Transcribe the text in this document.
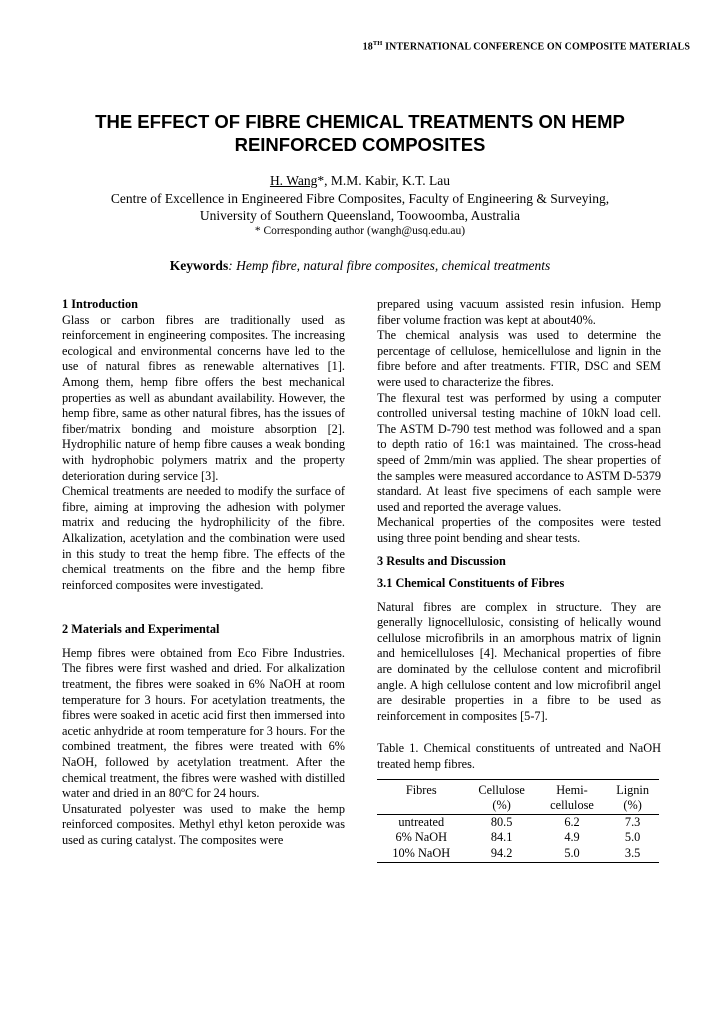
18TH INTERNATIONAL CONFERENCE ON COMPOSITE MATERIALS
THE EFFECT OF FIBRE CHEMICAL TREATMENTS ON HEMP
REINFORCED COMPOSITES
H. Wang*, M.M. Kabir, K.T. Lau
Centre of Excellence in Engineered Fibre Composites, Faculty of Engineering & Surveying,
University of Southern Queensland, Toowoomba, Australia
* Corresponding author (wangh@usq.edu.au)
Keywords: Hemp fibre, natural fibre composites, chemical treatments

1 Introduction

Glass or carbon fibres are traditionally used as reinforcement in engineering composites. The increasing ecological and environmental concerns have led to the use of natural fibres as renewable alternatives [1]. Among them, hemp fibre offers the best mechanical properties as well as abundant availability. However, the hemp fibre, same as other natural fibres, has the issues of fiber/matrix bonding and moisture absorption [2]. Hydrophilic nature of hemp fibre causes a weak bonding with hydrophobic polymers matrix and the property deterioration during service [3].

Chemical treatments are needed to modify the surface of fibre, aiming at improving the adhesion with polymer matrix and reducing the hydrophilicity of the fibre. Alkalization, acetylation and the combination were used in this study to treat the hemp fibre. The effects of the chemical treatments on the fibre and the hemp fibre reinforced composites were investigated.

2 Materials and Experimental

Hemp fibres were obtained from Eco Fibre Industries. The fibres were first washed and dried. For alkalization treatment, the fibres were soaked in 6% NaOH at room temperature for 3 hours. For acetylation treatments, the fibres were soaked in acetic acid first then immersed into acetic anhydride at room temperature for 3 hours. For the combined treatment, the fibres were treated with 6% NaOH, followed by acetylation treatment. After the chemical treatment, the fibres were washed with distilled water and dried in an 80ºC for 24 hours.

Unsaturated polyester was used to make the hemp reinforced composites. Methyl ethyl keton peroxide was used as curing catalyst. The composites were

prepared using vacuum assisted resin infusion. Hemp fiber volume fraction was kept at about40%.

The chemical analysis was used to determine the percentage of cellulose, hemicellulose and lignin in the fibre before and after treatments. FTIR, DSC and SEM were used to characterize the fibres.

The flexural test was performed by using a computer controlled universal testing machine of 10kN load cell. The ASTM D-790 test method was followed and a span to depth ratio of 16:1 was maintained. The cross-head speed of 2mm/min was applied. The shear properties of the samples were measured accordance to ASTM D-5379 standard. At least five specimens of each sample were used and reported the average values.

Mechanical properties of the composites were tested using three point bending and shear tests.

3 Results and Discussion

3.1 Chemical Constituents of Fibres

Natural fibres are complex in structure. They are generally lignocellulosic, consisting of helically wound cellulose microfibrils in an amorphous matrix of lignin and hemicelluloses [4]. Mechanical properties of fibre are dominated by the cellulose content and microfibril angle. A high cellulose content and low microfibril angel are desirable properties in a fibre to be used as reinforcement in composites [5-7].

Table 1. Chemical constituents of untreated and NaOH treated hemp fibres.

Fibres	Cellulose	Hemi-	Lignin
	(%)	cellulose	(%)
untreated	80.5	6.2	7.3
6% NaOH	84.1	4.9	5.0
10% NaOH	94.2	5.0	3.5
